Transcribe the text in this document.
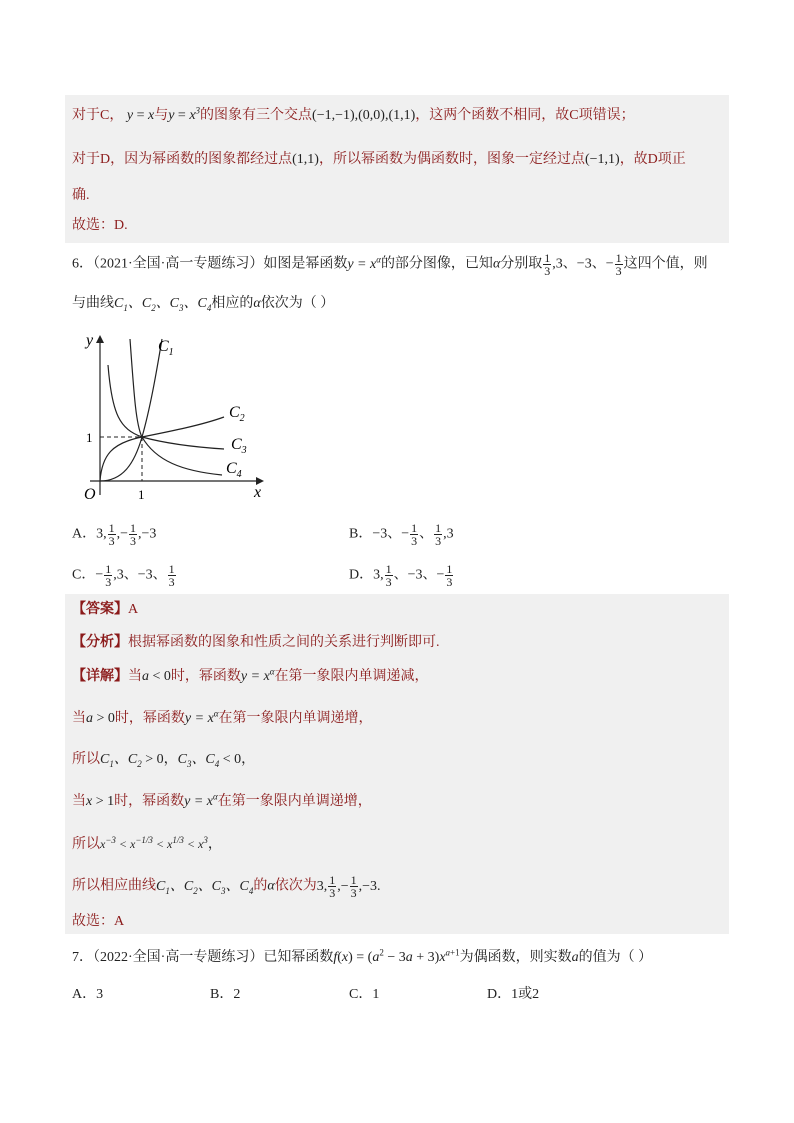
对于C， y = x与$y = x^3$的图象有三个交点(−1,−1),(0,0),(1,1)，这两个函数不相同，故C项错误；
对于D，因为幂函数的图象都经过点(1,1)，所以幂函数为偶函数时，图象一定经过点(−1,1)，故D项正
确.
故选：D.
6．（2021·全国·高一专题练习）如图是幂函数$y = x^\alpha$的部分图像，已知α分别取 $\frac{1}{3} ,3$、−3、− $\frac{1}{3}$ 这四个值，则
与曲线$C_1$、$C_2$、$C_3$、$C_4$相应的α依次为（ ）
y
x
O	1
1
$C_1$
$C_2$
$C_3$
$C_4$
A．3, $\frac{1}{3}$ ,− $\frac{1}{3} ,-3$	B．−3、− $\frac{1}{3}$ 、 $\frac{1}{3} ,3$
C．− $\frac{1}{3} ,3$、−3、 $\frac{1}{3}$	D．3, $\frac{1}{3}$ 、−3、− $\frac{1}{3}$
【答案】A
【分析】根据幂函数的图象和性质之间的关系进行判断即可.
【详解】当a < 0时，幂函数$y = x^\alpha$在第一象限内单调递减，
当a > 0时，幂函数$y = x^\alpha$在第一象限内单调递增，
所以$C_1$、$C_2 > 0$，$C_3$、$C_4 < 0$，
当x > 1时，幂函数$y = x^\alpha$在第一象限内单调递增，
所以$x^{-3} < x^{-1/3} < x^{1/3} < x^3$，
所以相应曲线$C_1$、$C_2$、$C_3$、$C_4$的α依次为3, $\frac{1}{3}$ ,− $\frac{1}{3} ,-3$.
故选：A
7．（2022·全国·高一专题练习）已知幂函数$f(x) = (a^2 - 3a + 3)x^{a+1}$为偶函数，则实数a的值为（ ）
A．3	B．2	C．1	D．1或2
